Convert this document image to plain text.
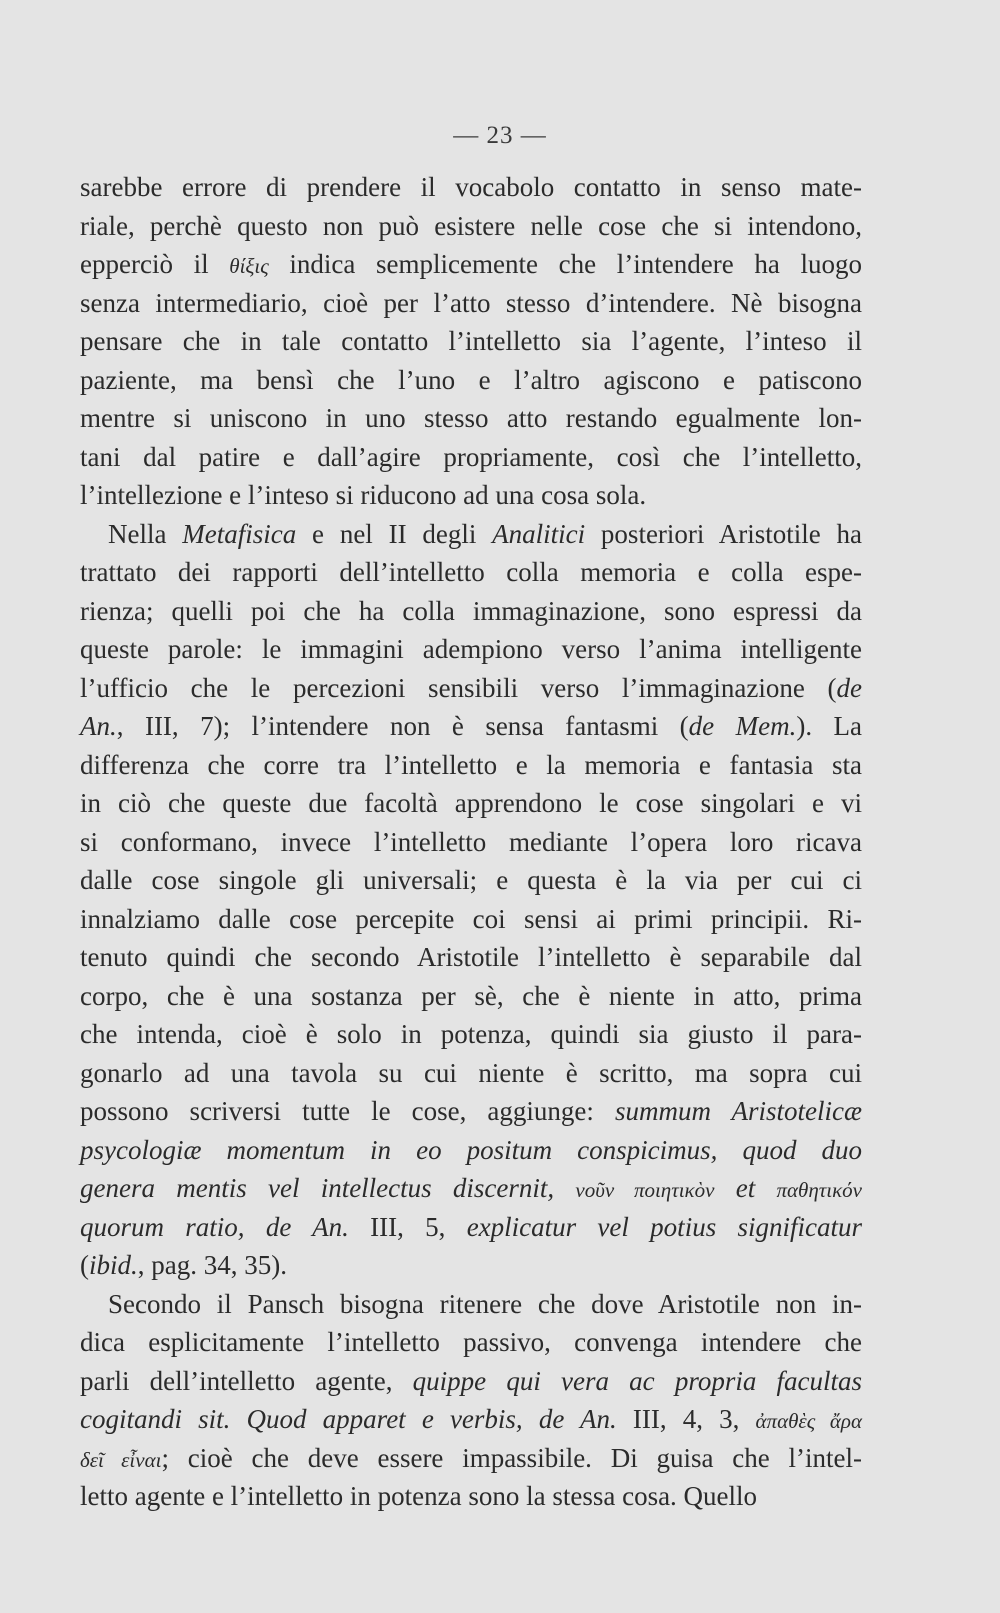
— 23 —
sarebbe errore di prendere il vocabolo contatto in senso mate-
riale, perchè questo non può esistere nelle cose che si intendono,
epperciò il θίξις indica semplicemente che l’intendere ha luogo
senza intermediario, cioè per l’atto stesso d’intendere. Nè bisogna
pensare che in tale contatto l’intelletto sia l’agente, l’inteso il
paziente, ma bensì che l’uno e l’altro agiscono e patiscono
mentre si uniscono in uno stesso atto restando egualmente lon-
tani dal patire e dall’agire propriamente, così che l’intelletto,
l’intellezione e l’inteso si riducono ad una cosa sola.
Nella Metafisica e nel II degli Analitici posteriori Aristotile ha
trattato dei rapporti dell’intelletto colla memoria e colla espe-
rienza; quelli poi che ha colla immaginazione, sono espressi da
queste parole: le immagini adempiono verso l’anima intelligente
l’ufficio che le percezioni sensibili verso l’immaginazione (de
An., III, 7); l’intendere non è sensa fantasmi (de Mem.). La
differenza che corre tra l’intelletto e la memoria e fantasia sta
in ciò che queste due facoltà apprendono le cose singolari e vi
si conformano, invece l’intelletto mediante l’opera loro ricava
dalle cose singole gli universali; e questa è la via per cui ci
innalziamo dalle cose percepite coi sensi ai primi principii. Ri-
tenuto quindi che secondo Aristotile l’intelletto è separabile dal
corpo, che è una sostanza per sè, che è niente in atto, prima
che intenda, cioè è solo in potenza, quindi sia giusto il para-
gonarlo ad una tavola su cui niente è scritto, ma sopra cui
possono scriversi tutte le cose, aggiunge: summum Aristotelicæ
psycologiæ momentum in eo positum conspicimus, quod duo
genera mentis vel intellectus discernit, νοῦν ποιητικὸν et παθητικόν
quorum ratio, de An. III, 5, explicatur vel potius significatur
(ibid., pag. 34, 35).
Secondo il Pansch bisogna ritenere che dove Aristotile non in-
dica esplicitamente l’intelletto passivo, convenga intendere che
parli dell’intelletto agente, quippe qui vera ac propria facultas
cogitandi sit. Quod apparet e verbis, de An. III, 4, 3, ἀπαθὲς ἄρα
δεῖ εἶναι; cioè che deve essere impassibile. Di guisa che l’intel-
letto agente e l’intelletto in potenza sono la stessa cosa. Quello
